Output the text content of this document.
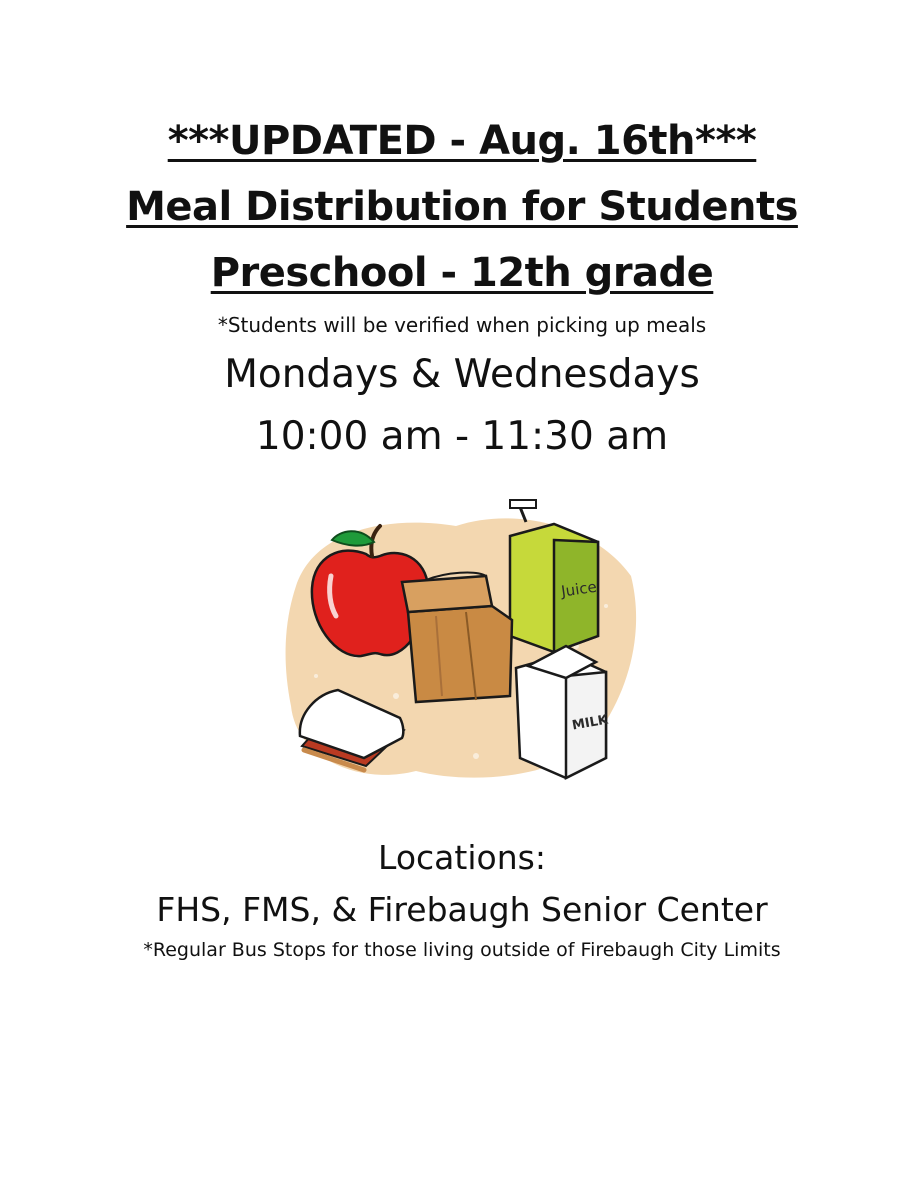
***UPDATED - Aug. 16th***
Meal Distribution for Students
Preschool - 12th grade
*Students will be verified when picking up meals
Mondays & Wednesdays
10:00 am - 11:30 am
Juice
MILK
Locations:
FHS, FMS, & Firebaugh Senior Center
*Regular Bus Stops for those living outside of Firebaugh City Limits
